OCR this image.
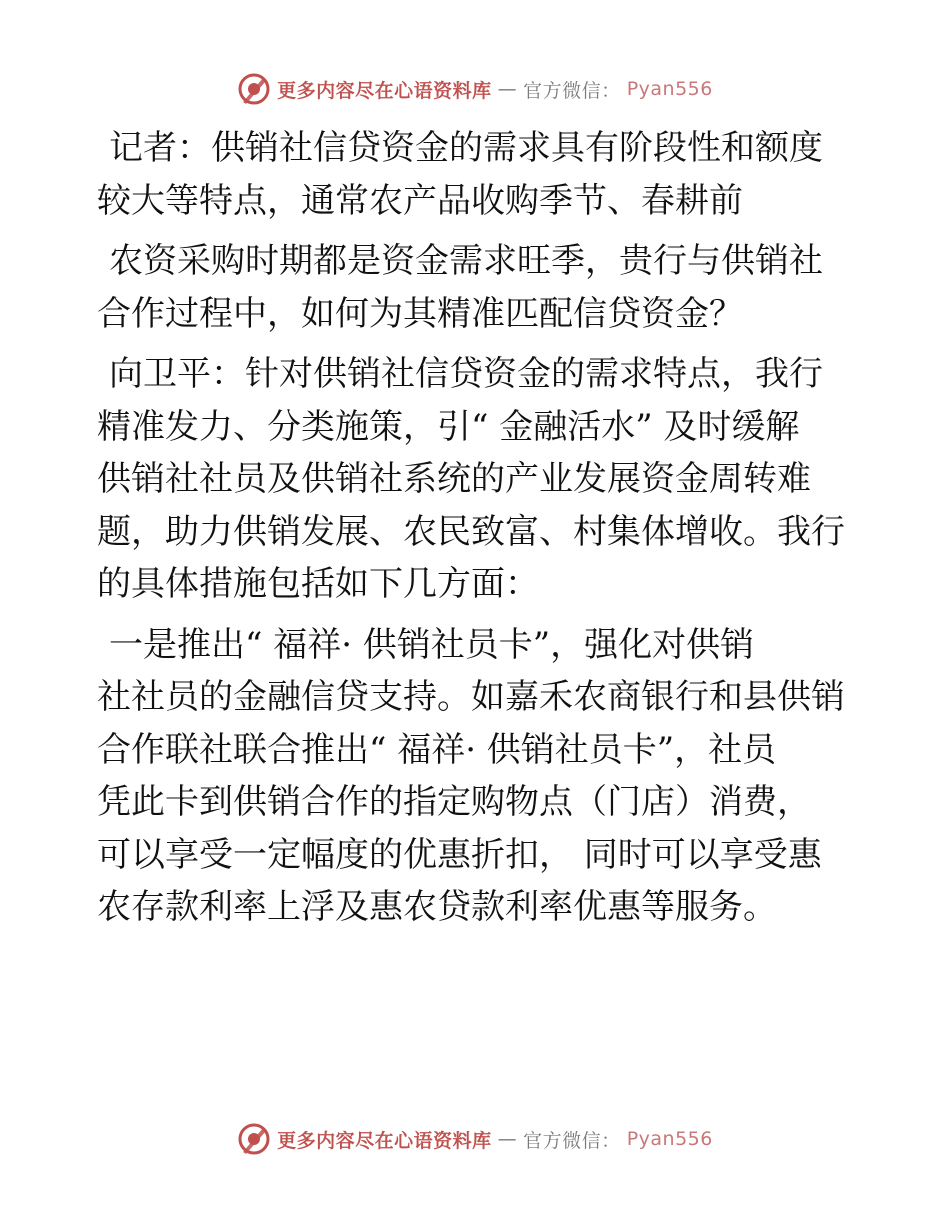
更多内容尽在心语资料库 — 官方微信： Pyan556
记者：供销社信贷资金的需求具有阶段性和额度
较大等特点，通常农产品收购季节、春耕前
农资采购时期都是资金需求旺季，贵行与供销社
合作过程中，如何为其精准匹配信贷资金？
向卫平：针对供销社信贷资金的需求特点，我行
精准发力、分类施策，引“ 金融活水” 及时缓解
供销社社员及供销社系统的产业发展资金周转难
题，助力供销发展、农民致富、村集体增收。我行
的具体措施包括如下几方面：
一是推出“ 福祥· 供销社员卡”，强化对供销
社社员的金融信贷支持。如嘉禾农商银行和县供销
合作联社联合推出“ 福祥· 供销社员卡”，社员
凭此卡到供销合作的指定购物点（门店）消费，
可以享受一定幅度的优惠折扣， 同时可以享受惠
农存款利率上浮及惠农贷款利率优惠等服务。
更多内容尽在心语资料库 — 官方微信： Pyan556
